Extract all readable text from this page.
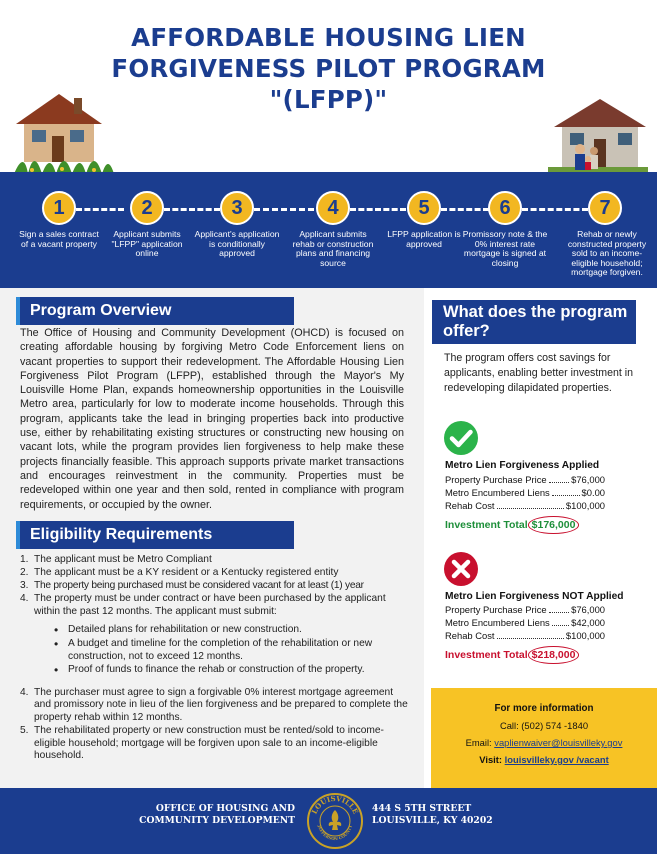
AFFORDABLE HOUSING LIEN
FORGIVENESS PILOT PROGRAM
"(LFPP)"
1	2	3	4	5	6	7
Sign a sales contract of a vacant property
Applicant submits "LFPP" application online
Applicant's application is conditionally approved
Applicant submits rehab or construction plans and financing source
LFPP application is approved
Promissory note & the 0% interest rate mortgage is signed at closing
Rehab or newly constructed property sold to an income-eligible household; mortgage forgiven.
Program Overview
The Office of Housing and Community Development (OHCD) is focused on creating affordable housing by forgiving Metro Code Enforcement liens on vacant properties to support their redevelopment. The Affordable Housing Lien Forgiveness Pilot Program (LFPP), established through the Mayor's My Louisville Home Plan, expands homeownership opportunities in the Louisville Metro area, particularly for low to moderate income households. Through this program, applicants take the lead in bringing properties back into productive use, either by rehabilitating existing structures or constructing new housing on vacant lots, while the program provides lien forgiveness to help make these projects financially feasible. This approach supports private market transactions and encourages reinvestment in the community. Properties must be redeveloped within one year and then sold, rented in compliance with program requirements, or occupied by the owner.
Eligibility Requirements
1. The applicant must be Metro Compliant
2. The applicant must be a KY resident or a Kentucky registered entity
3. The property being purchased must be considered vacant for at least (1) year
4. The property must be under contract or have been purchased by the applicant within the past 12 months. The applicant must submit:
• Detailed plans for rehabilitation or new construction.
• A budget and timeline for the completion of the rehabilitation or new construction, not to exceed 12 months.
• Proof of funds to finance the rehab or construction of the property.
4. The purchaser must agree to sign a forgivable 0% interest mortgage agreement and promissory note in lieu of the lien forgiveness and be prepared to complete the property rehab within 12 months.
5. The rehabilitated property or new construction must be rented/sold to income-eligible household; mortgage will be forgiven upon sale to an income-eligible household.
What does the program offer?
The program offers cost savings for applicants, enabling better investment in redeveloping dilapidated properties.
Metro Lien Forgiveness Applied
Property Purchase Price	$76,000
Metro Encumbered Liens	$0.00
Rehab Cost	$100,000
Investment Total $176,000
Metro Lien Forgiveness NOT Applied
Property Purchase Price	$76,000
Metro Encumbered Liens $42,000
Rehab Cost	$100,000
Investment Total $218,000
For more information
Call: (502) 574 -1840
Email: vaplienwaiver@louisvilleky.gov
Visit: louisvilleky.gov /vacant
OFFICE OF HOUSING AND
COMMUNITY DEVELOPMENT
444 S 5TH STREET
LOUISVILLE, KY 40202
LOUISVILLE
JEFFERSON COUNTY
